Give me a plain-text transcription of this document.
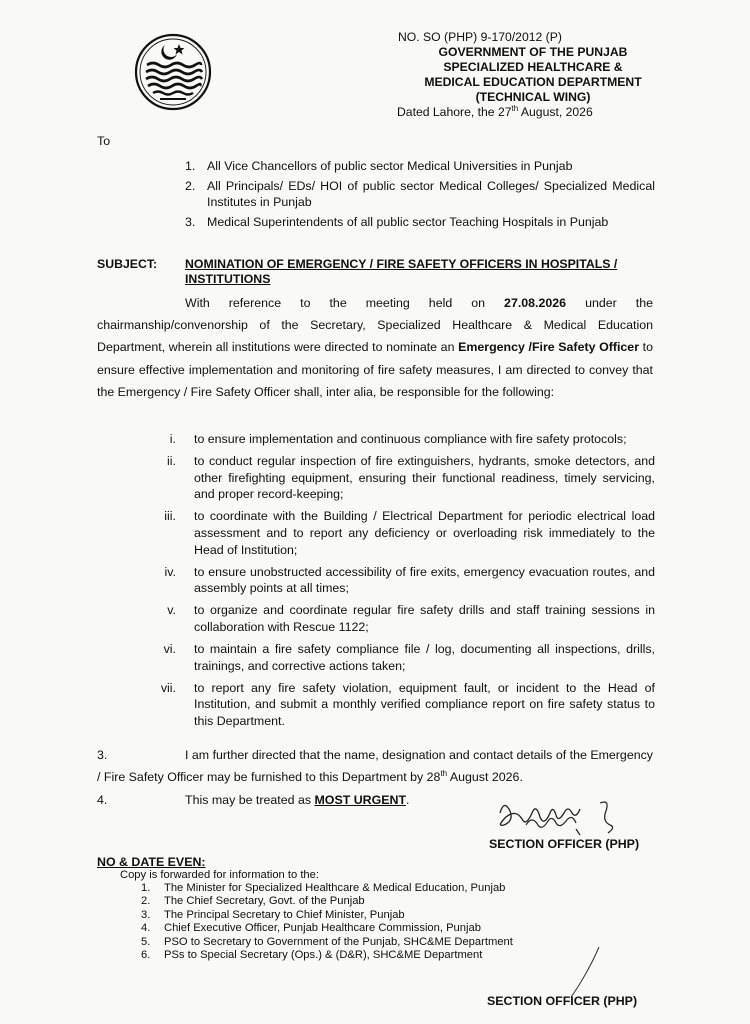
NO. SO (PHP) 9-170/2012 (P)
GOVERNMENT OF THE PUNJAB
SPECIALIZED HEALTHCARE &
MEDICAL EDUCATION DEPARTMENT
(TECHNICAL WING)
Dated Lahore, the 27th August, 2026
To
1. All Vice Chancellors of public sector Medical Universities in Punjab
2. All Principals/ EDs/ HOI of public sector Medical Colleges/ Specialized Medical Institutes in Punjab
3. Medical Superintendents of all public sector Teaching Hospitals in Punjab
SUBJECT: NOMINATION OF EMERGENCY / FIRE SAFETY OFFICERS IN HOSPITALS / INSTITUTIONS
With reference to the meeting held on 27.08.2026 under the chairmanship/convenorship of the Secretary, Specialized Healthcare & Medical Education Department, wherein all institutions were directed to nominate an Emergency /Fire Safety Officer to ensure effective implementation and monitoring of fire safety measures, I am directed to convey that the Emergency / Fire Safety Officer shall, inter alia, be responsible for the following:
i. to ensure implementation and continuous compliance with fire safety protocols;
ii. to conduct regular inspection of fire extinguishers, hydrants, smoke detectors, and other firefighting equipment, ensuring their functional readiness, timely servicing, and proper record-keeping;
iii. to coordinate with the Building / Electrical Department for periodic electrical load assessment and to report any deficiency or overloading risk immediately to the Head of Institution;
iv. to ensure unobstructed accessibility of fire exits, emergency evacuation routes, and assembly points at all times;
v. to organize and coordinate regular fire safety drills and staff training sessions in collaboration with Rescue 1122;
vi. to maintain a fire safety compliance file / log, documenting all inspections, drills, trainings, and corrective actions taken;
vii. to report any fire safety violation, equipment fault, or incident to the Head of Institution, and submit a monthly verified compliance report on fire safety status to this Department.
3.	I am further directed that the name, designation and contact details of the Emergency / Fire Safety Officer may be furnished to this Department by 28th August 2026.
4.	This may be treated as MOST URGENT.
SECTION OFFICER (PHP)
NO & DATE EVEN:
Copy is forwarded for information to the:
1. The Minister for Specialized Healthcare & Medical Education, Punjab
2. The Chief Secretary, Govt. of the Punjab
3. The Principal Secretary to Chief Minister, Punjab
4. Chief Executive Officer, Punjab Healthcare Commission, Punjab
5. PSO to Secretary to Government of the Punjab, SHC&ME Department
6. PSs to Special Secretary (Ops.) & (D&R), SHC&ME Department
SECTION OFFICER (PHP)
